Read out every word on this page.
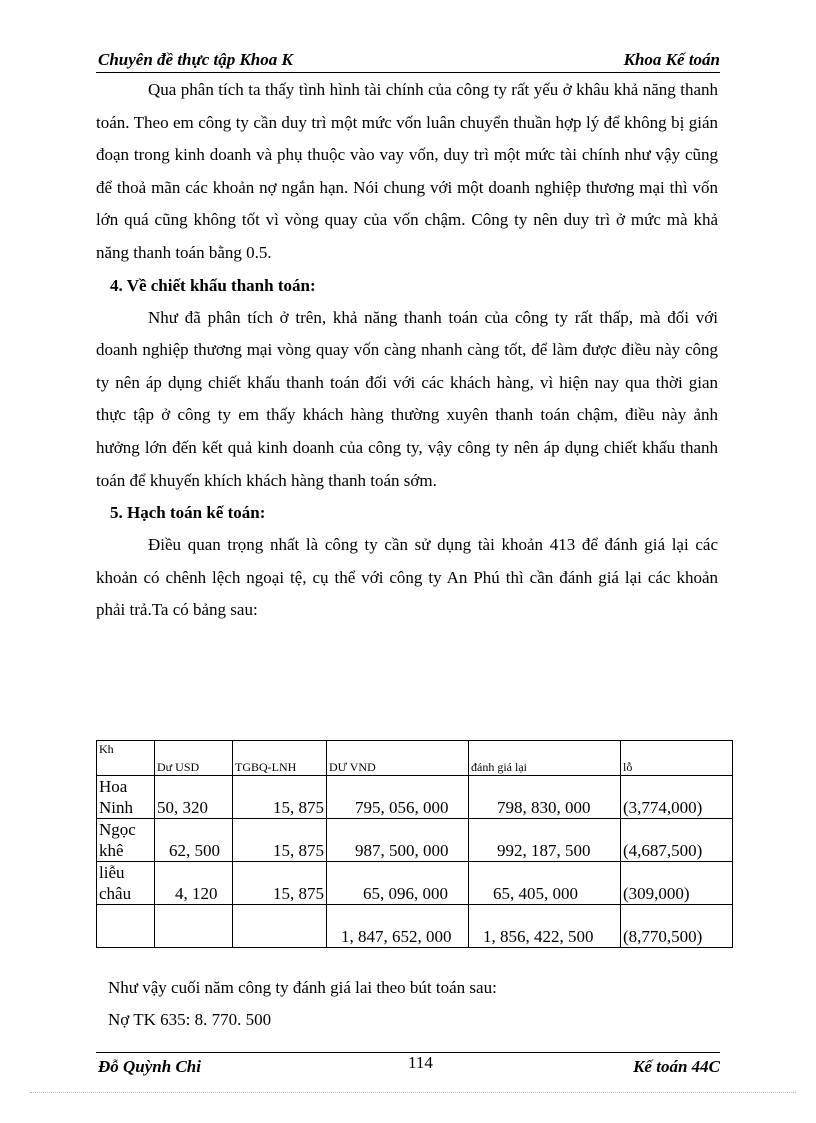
Chuyên đề thực tập Khoa K	Khoa Kế toán

Qua phân tích ta thấy tình hình tài chính của công ty rất yếu ở khâu khả năng thanh toán. Theo em công ty cần duy trì một mức vốn luân chuyển thuần hợp lý để không bị gián đoạn trong kinh doanh và phụ thuộc vào vay vốn, duy trì một mức tài chính như vậy cũng để thoả mãn các khoản nợ ngắn hạn. Nói chung với một doanh nghiệp thương mại thì vốn lớn quá cũng không tốt vì vòng quay của vốn chậm. Công ty nên duy trì ở mức mà khả năng thanh toán bằng 0.5.

4. Về chiết khấu thanh toán:

Như đã phân tích ở trên, khả năng thanh toán của công ty rất thấp, mà đối với doanh nghiệp thương mại vòng quay vốn càng nhanh càng tốt, để làm được điều này công ty nên áp dụng chiết khấu thanh toán đối với các khách hàng, vì hiện nay qua thời gian thực tập ở công ty em thấy khách hàng thường xuyên thanh toán chậm, điều này ảnh hưởng lớn đến kết quả kinh doanh của công ty, vậy công ty nên áp dụng chiết khấu thanh toán để khuyến khích khách hàng thanh toán sớm.

5. Hạch toán kế toán:

Điều quan trọng nhất là công ty cần sử dụng tài khoản 413 để đánh giá lại các khoản có chênh lệch ngoại tệ, cụ thể với công ty An Phú thì cần đánh giá lại các khoản phải trả.Ta có bảng sau:

Kh	Dư USD	TGBQ-LNH	DƯ VND	đánh giá lại	lỗ
Hoa Ninh	50, 320	15, 875	795, 056, 000	798, 830, 000	(3,774,000)
Ngọc khê	62, 500	15, 875	987, 500, 000	992, 187, 500	(4,687,500)
liễu châu	4, 120	15, 875	65, 096, 000	65, 405, 000	(309,000)
			1, 847, 652, 000	1, 856, 422, 500	(8,770,500)

Như vậy cuối năm công ty đánh giá lai theo bút toán sau:

Nợ TK 635: 8. 770. 500

Đỗ Quỳnh Chi	114	Kế toán 44C
